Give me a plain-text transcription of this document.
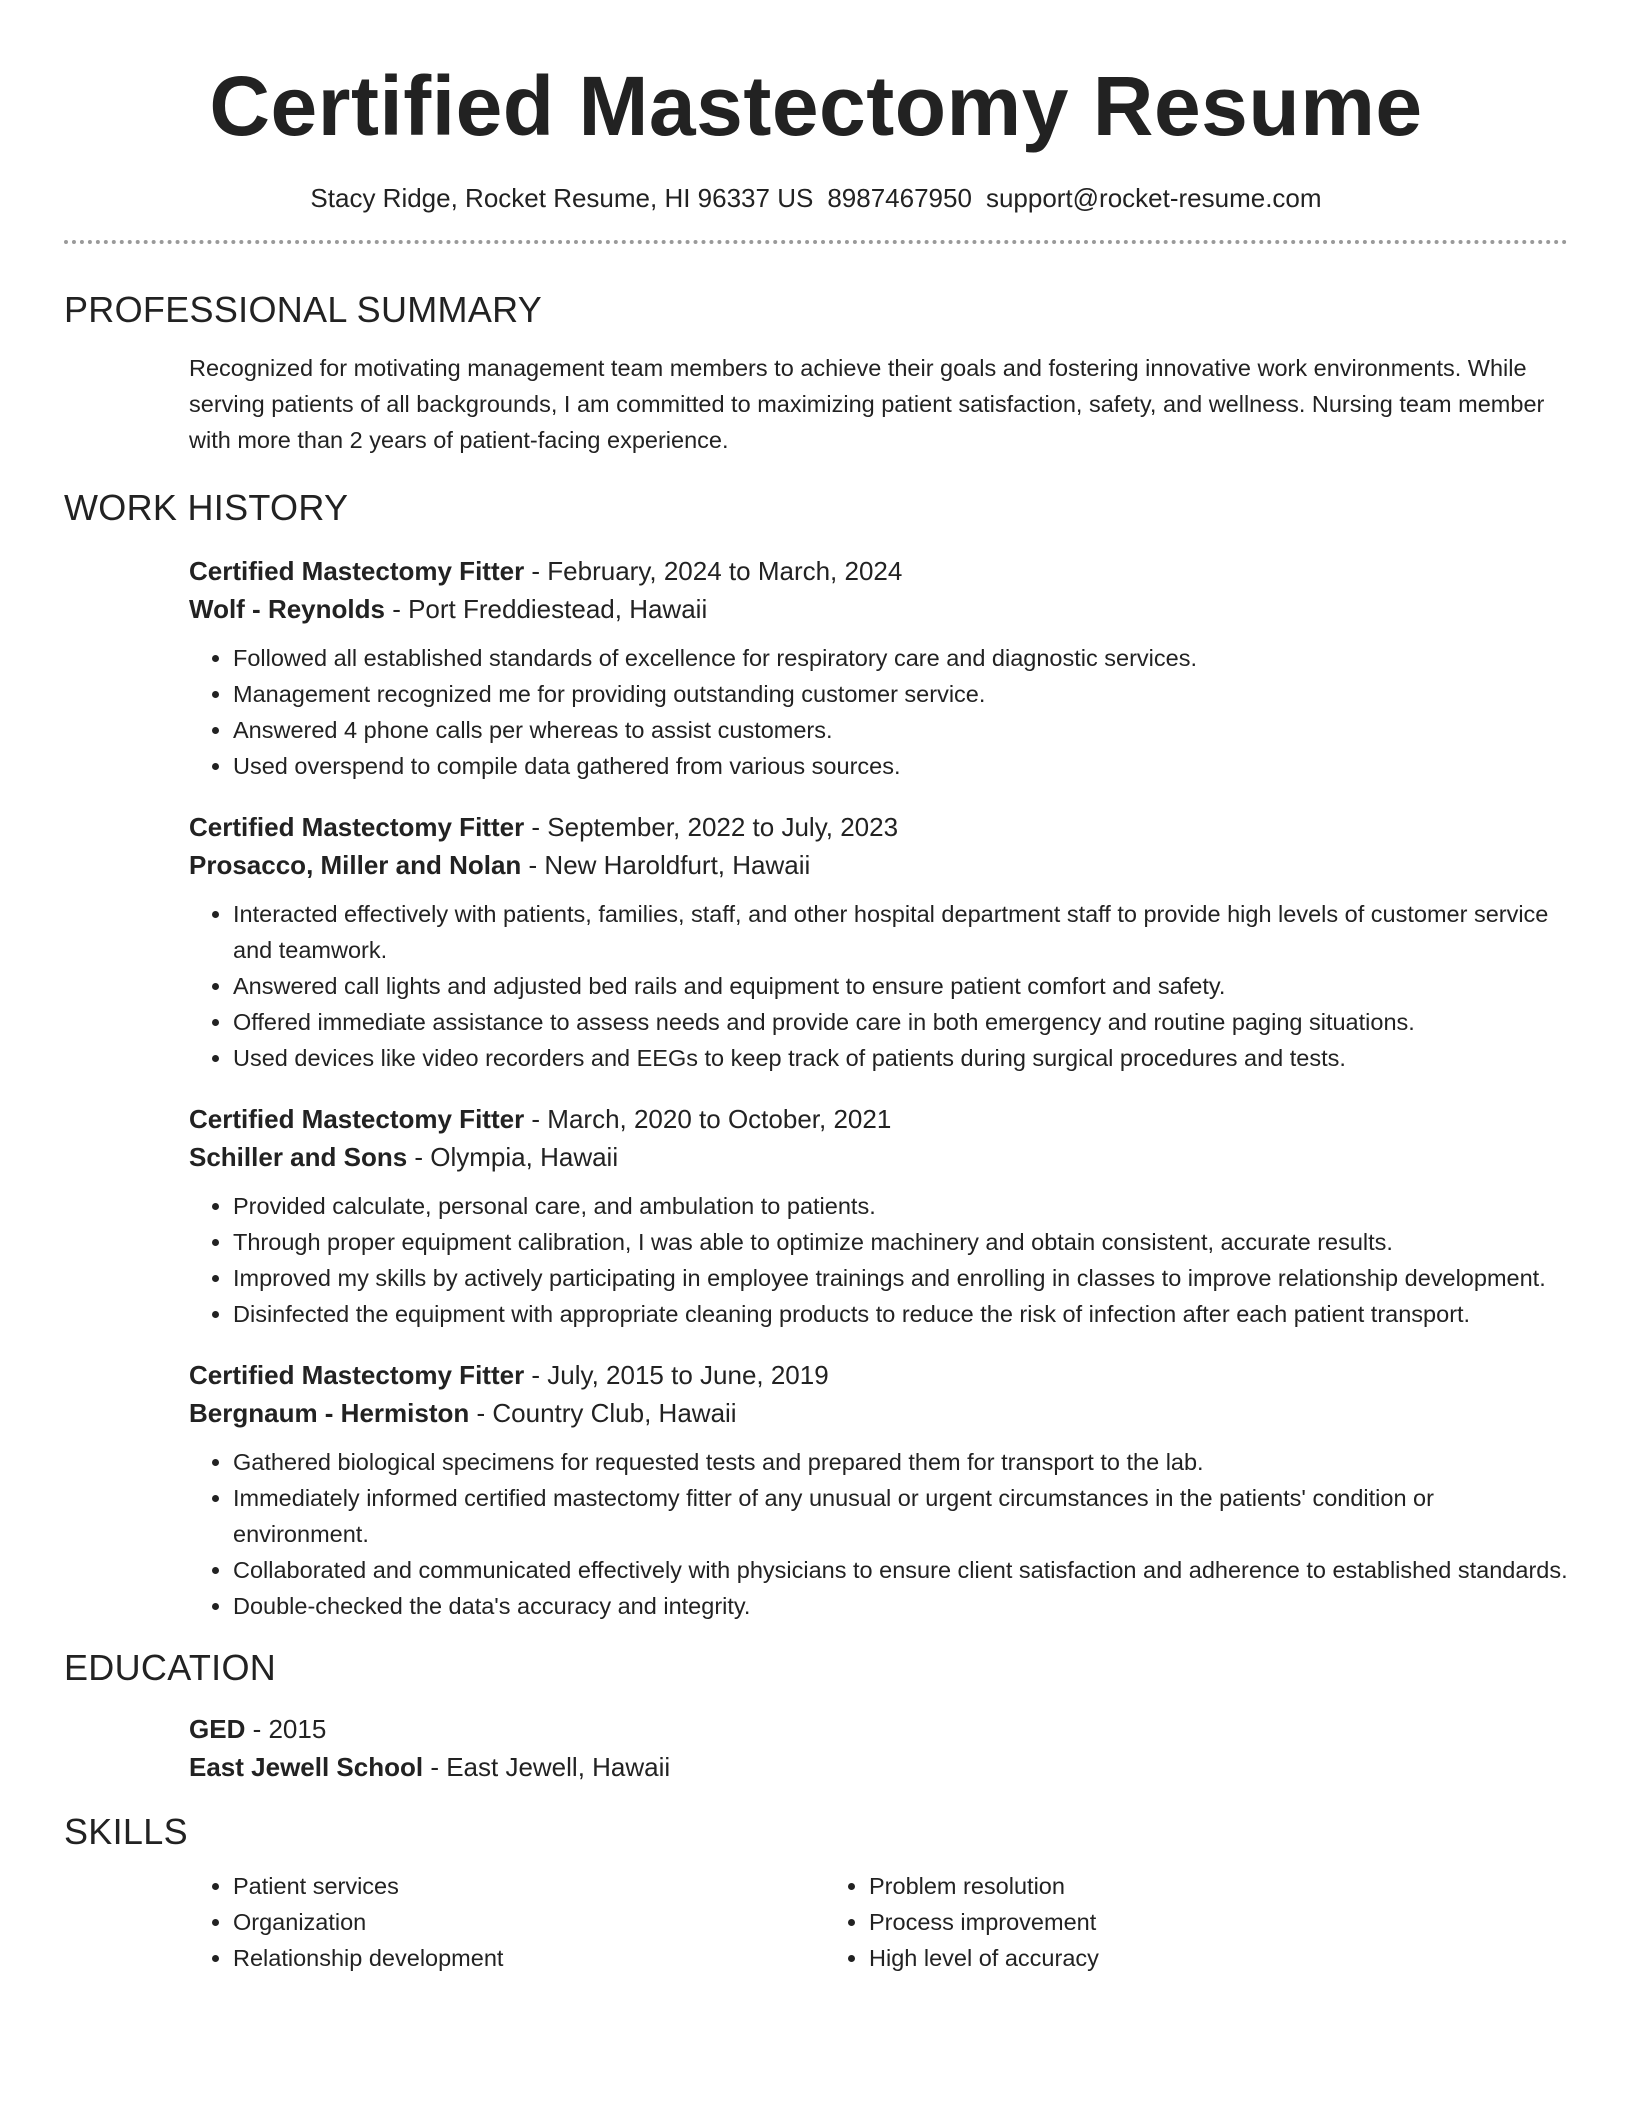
Certified Mastectomy Resume
Stacy Ridge, Rocket Resume, HI 96337 US 8987467950 support@rocket-resume.com
PROFESSIONAL SUMMARY
Recognized for motivating management team members to achieve their goals and fostering innovative work environments. While serving patients of all backgrounds, I am committed to maximizing patient satisfaction, safety, and wellness. Nursing team member with more than 2 years of patient-facing experience.
WORK HISTORY
Certified Mastectomy Fitter - February, 2024 to March, 2024
Wolf - Reynolds - Port Freddiestead, Hawaii
• Followed all established standards of excellence for respiratory care and diagnostic services.
• Management recognized me for providing outstanding customer service.
• Answered 4 phone calls per whereas to assist customers.
• Used overspend to compile data gathered from various sources.
Certified Mastectomy Fitter - September, 2022 to July, 2023
Prosacco, Miller and Nolan - New Haroldfurt, Hawaii
• Interacted effectively with patients, families, staff, and other hospital department staff to provide high levels of customer service and teamwork.
• Answered call lights and adjusted bed rails and equipment to ensure patient comfort and safety.
• Offered immediate assistance to assess needs and provide care in both emergency and routine paging situations.
• Used devices like video recorders and EEGs to keep track of patients during surgical procedures and tests.
Certified Mastectomy Fitter - March, 2020 to October, 2021
Schiller and Sons - Olympia, Hawaii
• Provided calculate, personal care, and ambulation to patients.
• Through proper equipment calibration, I was able to optimize machinery and obtain consistent, accurate results.
• Improved my skills by actively participating in employee trainings and enrolling in classes to improve relationship development.
• Disinfected the equipment with appropriate cleaning products to reduce the risk of infection after each patient transport.
Certified Mastectomy Fitter - July, 2015 to June, 2019
Bergnaum - Hermiston - Country Club, Hawaii
• Gathered biological specimens for requested tests and prepared them for transport to the lab.
• Immediately informed certified mastectomy fitter of any unusual or urgent circumstances in the patients' condition or environment.
• Collaborated and communicated effectively with physicians to ensure client satisfaction and adherence to established standards.
• Double-checked the data's accuracy and integrity.
EDUCATION
GED - 2015
East Jewell School - East Jewell, Hawaii
SKILLS
• Patient services
• Organization
• Relationship development
• Problem resolution
• Process improvement
• High level of accuracy
